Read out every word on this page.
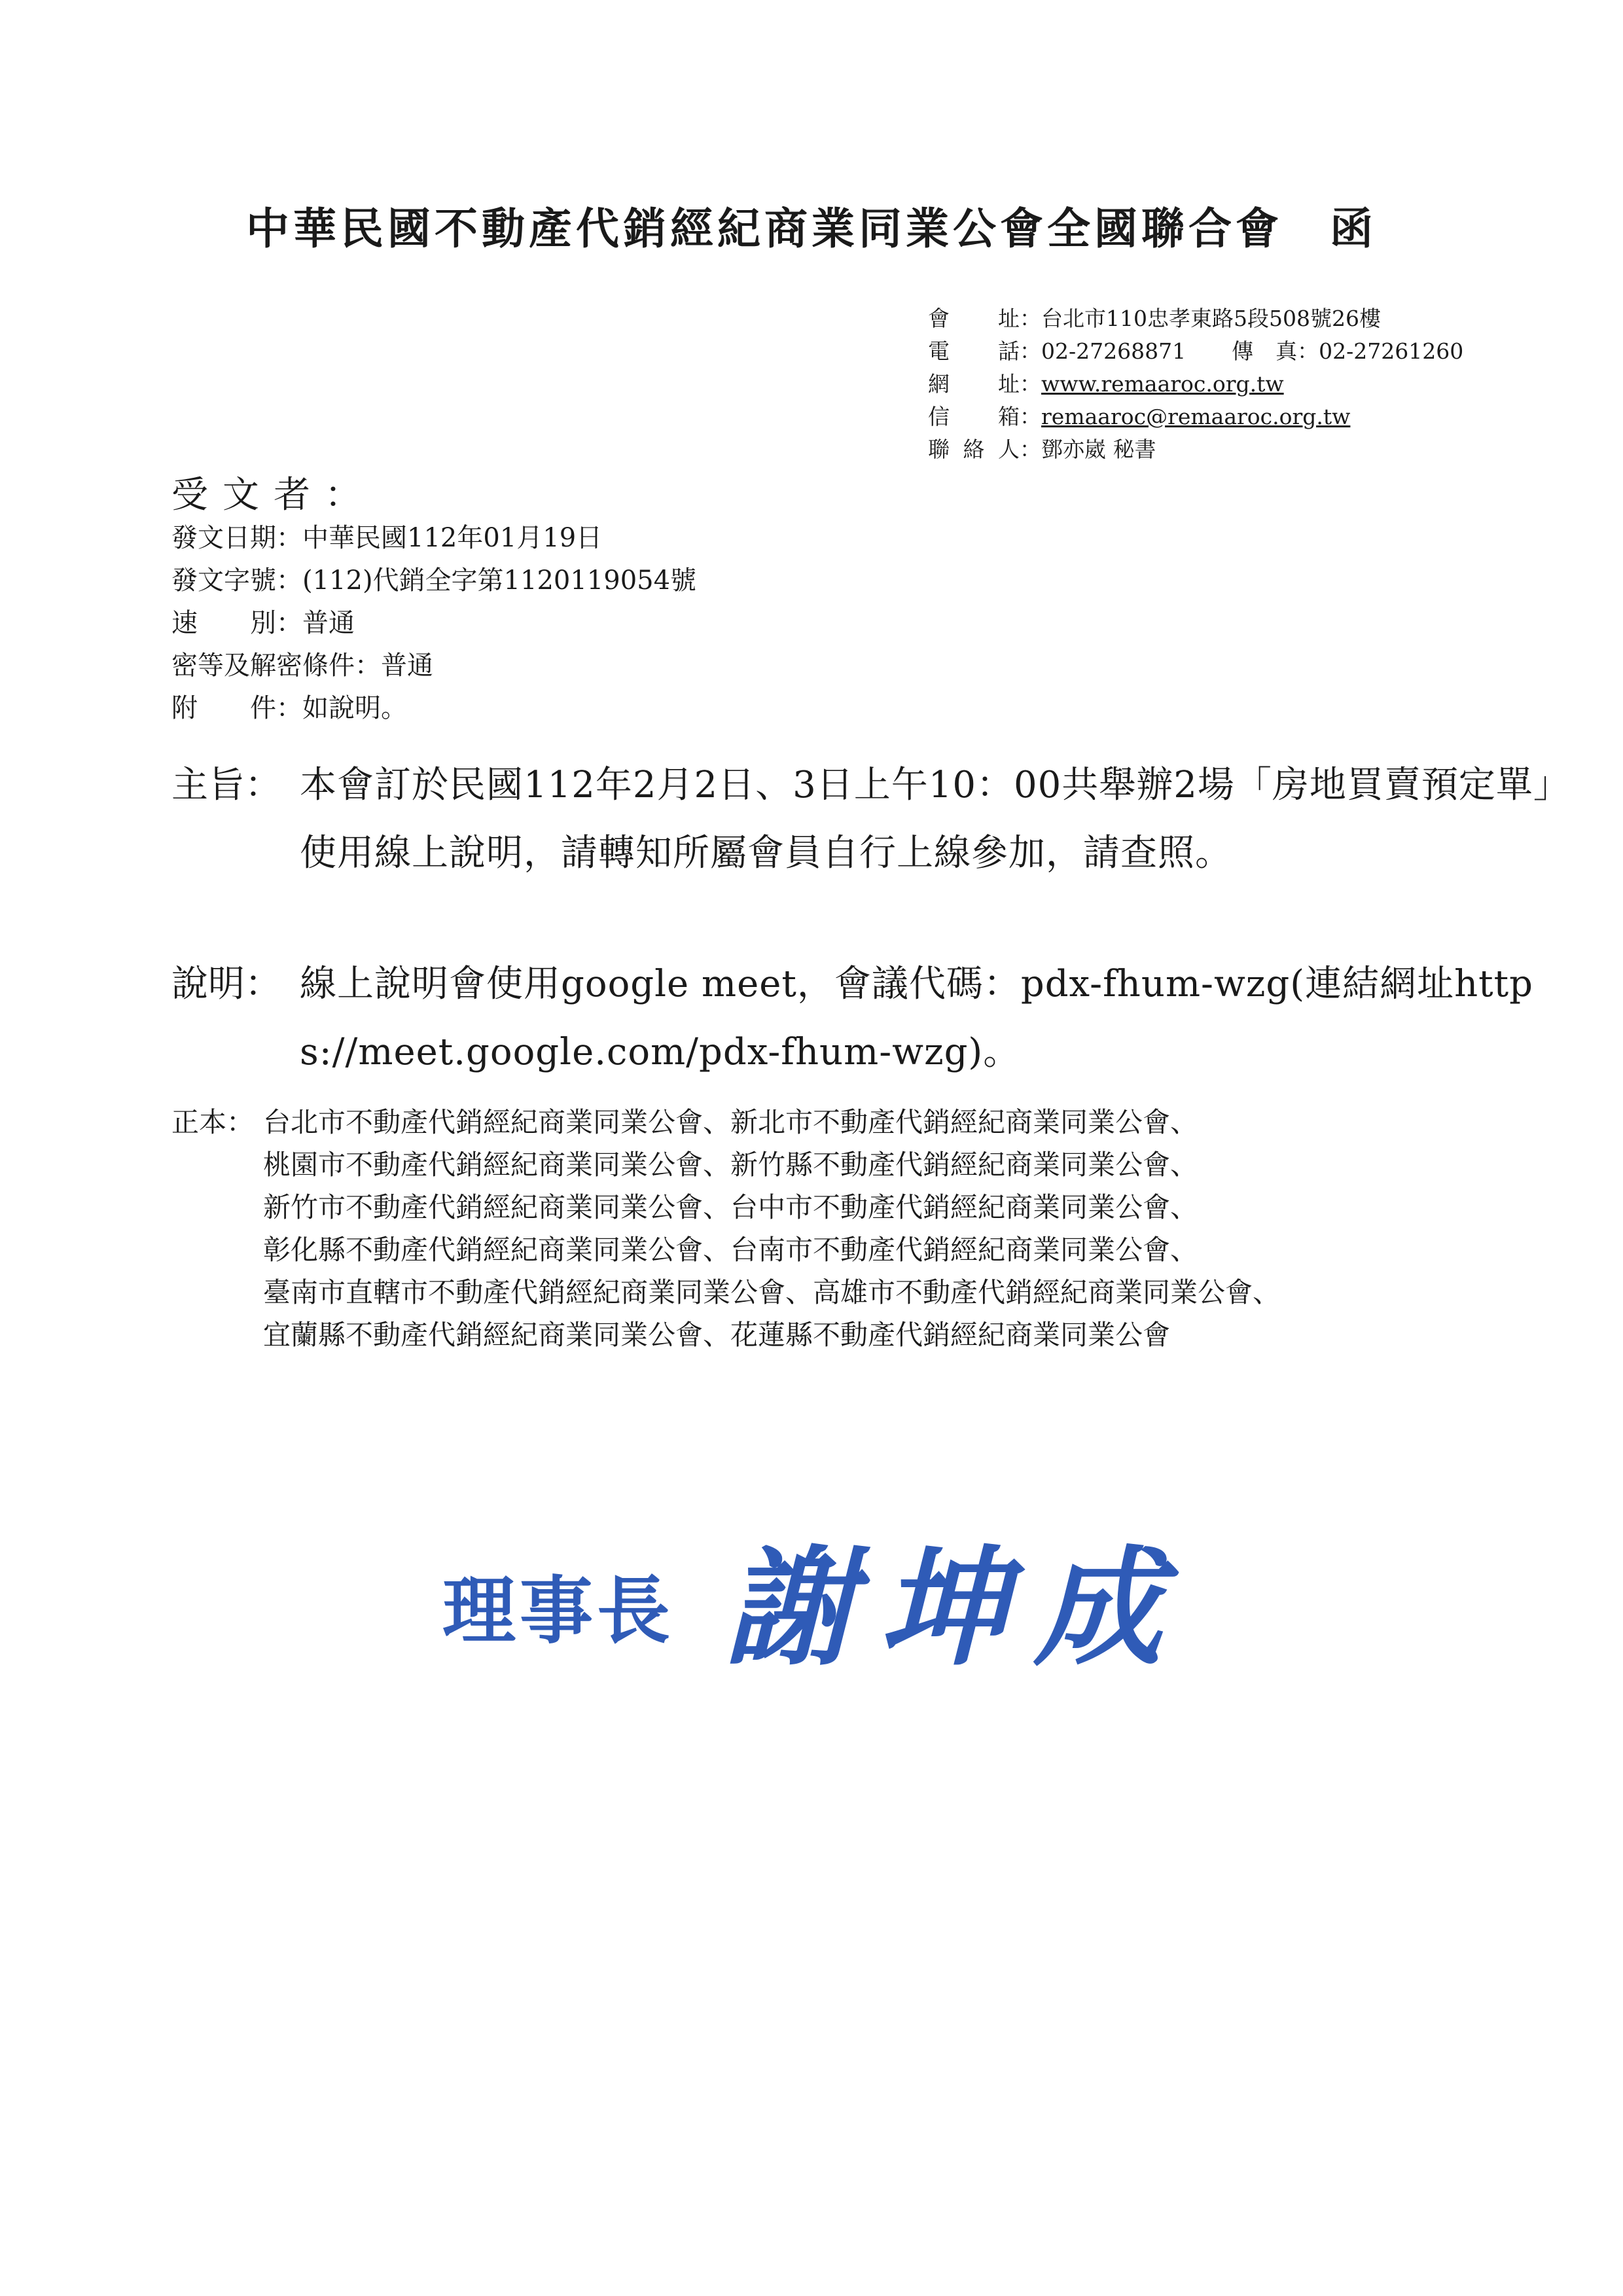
中華民國不動產代銷經紀商業同業公會全國聯合會　函
會址：台北市110忠孝東路5段508號26樓
電話：02-27268871 傳真：02-27261260
網址：www.remaaroc.org.tw
信箱：remaaroc@remaaroc.org.tw
聯絡人：鄧亦崴 秘書
受文者：
發文日期：中華民國112年01月19日
發文字號：(112)代銷全字第1120119054號
速別：普通
密等及解密條件：普通
附件：如說明。
主旨： 本會訂於民國112年2月2日、3日上午10：00共舉辦2場「房地買賣預定單」使用線上說明，請轉知所屬會員自行上線參加，請查照。
說明： 線上說明會使用google meet，會議代碼：pdx-fhum-wzg(連結網址https://meet.google.com/pdx-fhum-wzg)。
正本： 台北市不動產代銷經紀商業同業公會、新北市不動產代銷經紀商業同業公會、
桃園市不動產代銷經紀商業同業公會、新竹縣不動產代銷經紀商業同業公會、
新竹市不動產代銷經紀商業同業公會、台中市不動產代銷經紀商業同業公會、
彰化縣不動產代銷經紀商業同業公會、台南市不動產代銷經紀商業同業公會、
臺南市直轄市不動產代銷經紀商業同業公會、高雄市不動產代銷經紀商業同業公會、
宜蘭縣不動產代銷經紀商業同業公會、花蓮縣不動產代銷經紀商業同業公會
理事長 謝坤成
